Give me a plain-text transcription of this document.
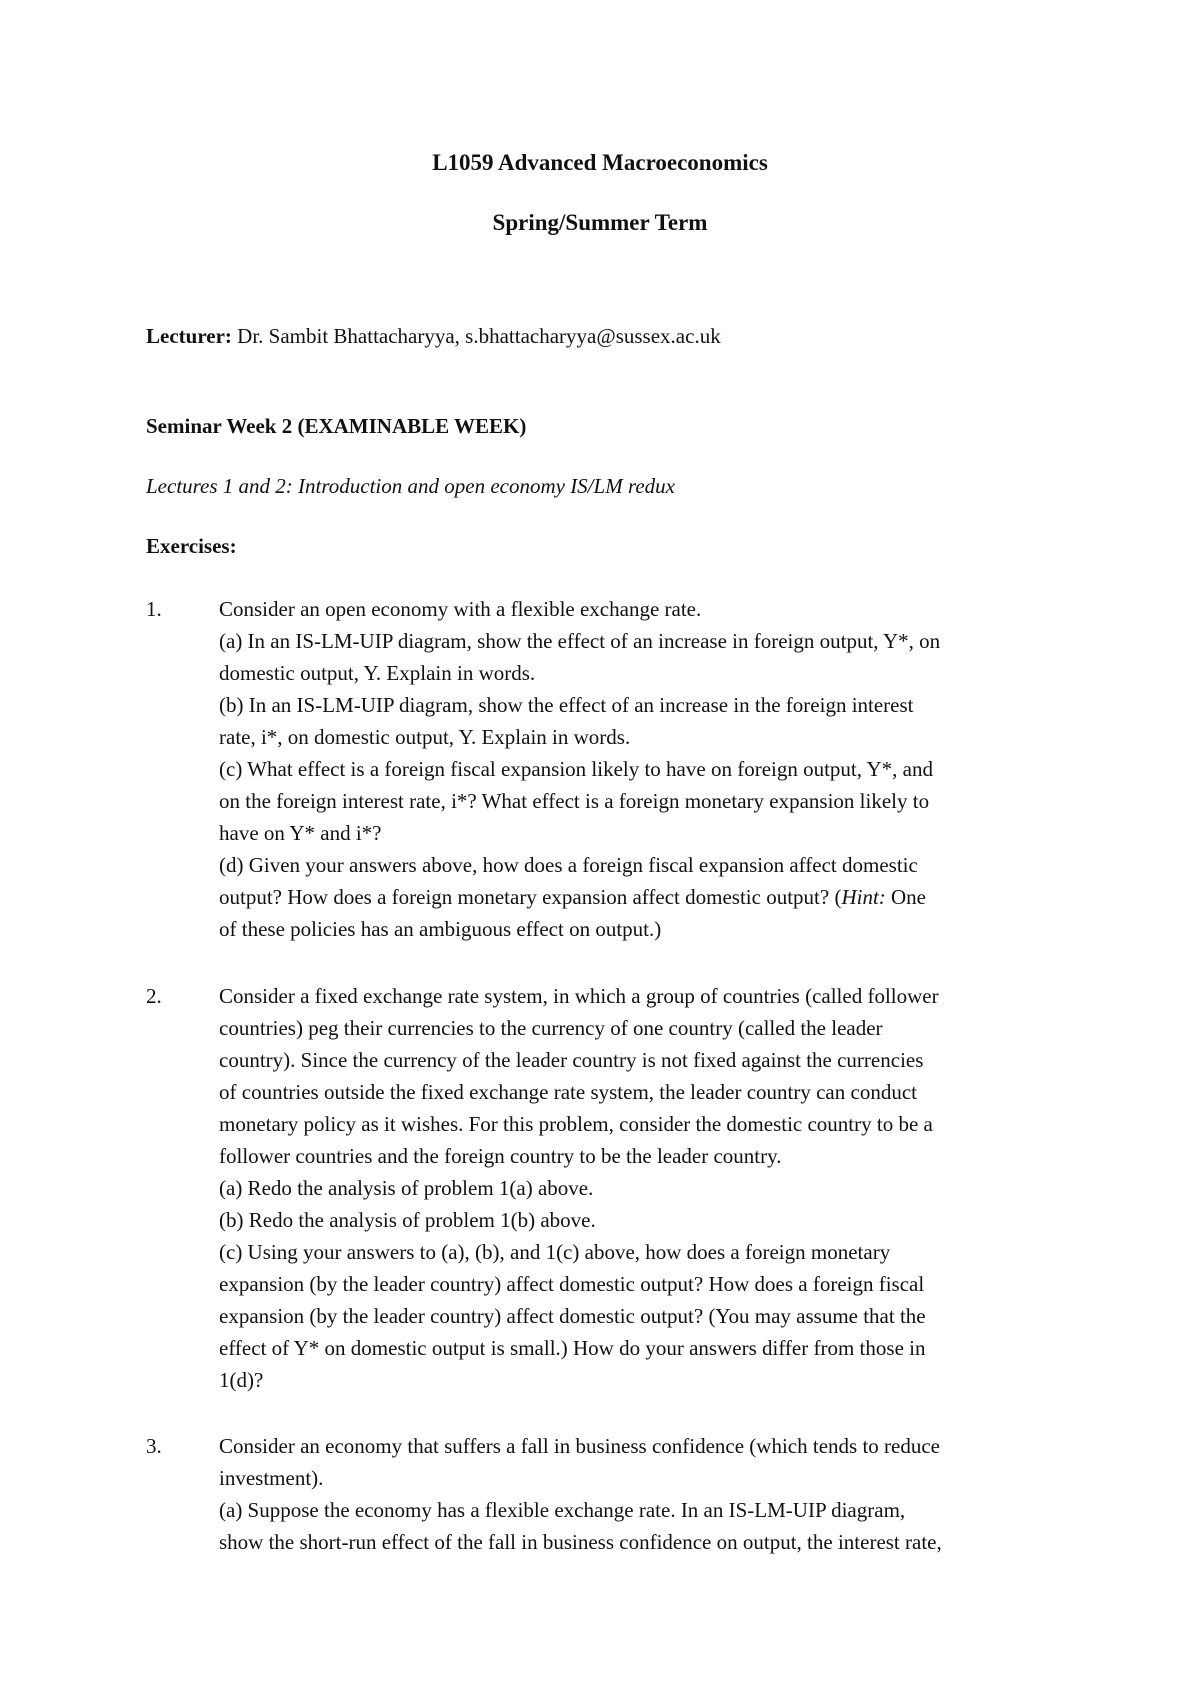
L1059 Advanced Macroeconomics
Spring/Summer Term
Lecturer: Dr. Sambit Bhattacharyya, s.bhattacharyya@sussex.ac.uk
Seminar Week 2 (EXAMINABLE WEEK)
Lectures 1 and 2: Introduction and open economy IS/LM redux
Exercises:
1.	Consider an open economy with a flexible exchange rate.
(a) In an IS-LM-UIP diagram, show the effect of an increase in foreign output, Y*, on
domestic output, Y. Explain in words.
(b) In an IS-LM-UIP diagram, show the effect of an increase in the foreign interest
rate, i*, on domestic output, Y. Explain in words.
(c) What effect is a foreign fiscal expansion likely to have on foreign output, Y*, and
on the foreign interest rate, i*? What effect is a foreign monetary expansion likely to
have on Y* and i*?
(d) Given your answers above, how does a foreign fiscal expansion affect domestic
output? How does a foreign monetary expansion affect domestic output? (Hint: One
of these policies has an ambiguous effect on output.)
2.	Consider a fixed exchange rate system, in which a group of countries (called follower
countries) peg their currencies to the currency of one country (called the leader
country). Since the currency of the leader country is not fixed against the currencies
of countries outside the fixed exchange rate system, the leader country can conduct
monetary policy as it wishes. For this problem, consider the domestic country to be a
follower countries and the foreign country to be the leader country.
(a) Redo the analysis of problem 1(a) above.
(b) Redo the analysis of problem 1(b) above.
(c) Using your answers to (a), (b), and 1(c) above, how does a foreign monetary
expansion (by the leader country) affect domestic output? How does a foreign fiscal
expansion (by the leader country) affect domestic output? (You may assume that the
effect of Y* on domestic output is small.) How do your answers differ from those in
1(d)?
3.	Consider an economy that suffers a fall in business confidence (which tends to reduce
investment).
(a) Suppose the economy has a flexible exchange rate. In an IS-LM-UIP diagram,
show the short-run effect of the fall in business confidence on output, the interest rate,
